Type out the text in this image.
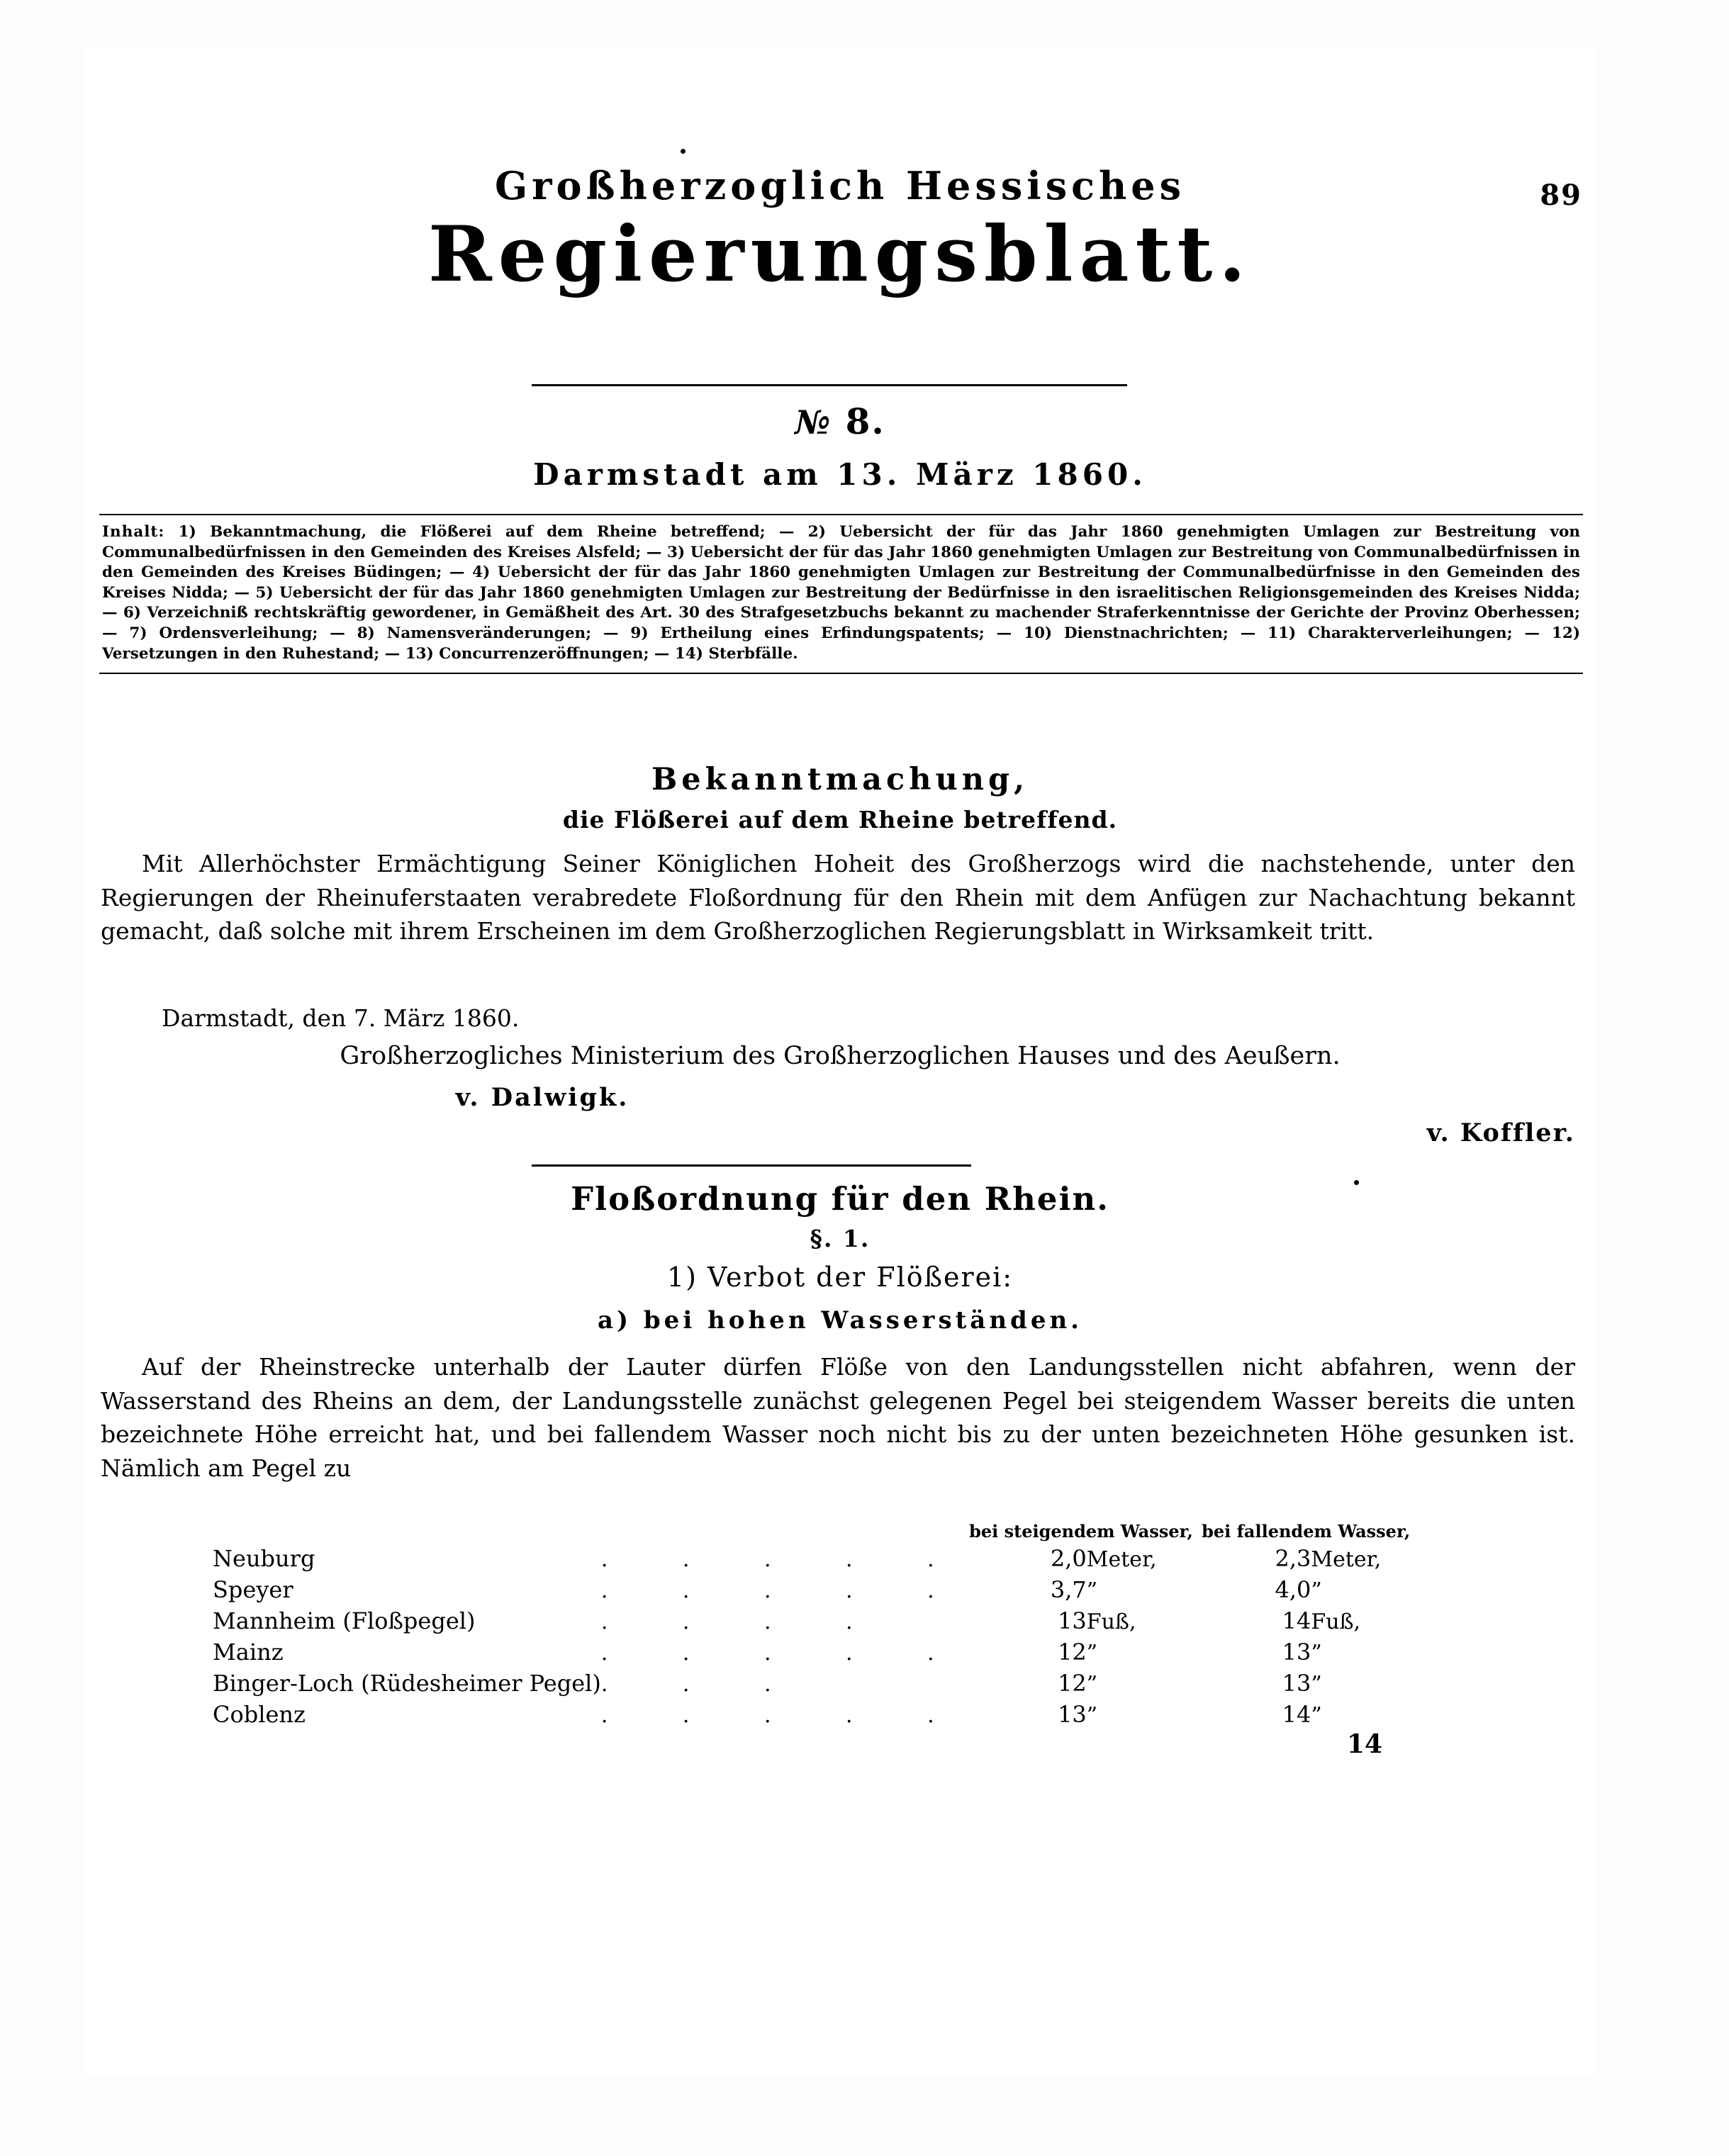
89
Großherzoglich Hessisches
Regierungsblatt.
№ 8.
Darmstadt am 13. März 1860.
Inhalt: 1) Bekanntmachung, die Flößerei auf dem Rheine betreffend; — 2) Uebersicht der für das Jahr 1860 genehmigten Umlagen zur Bestreitung von Communalbedürfnissen in den Gemeinden des Kreises Alsfeld; — 3) Uebersicht der für das Jahr 1860 genehmigten Umlagen zur Bestreitung von Communalbedürfnissen in den Gemeinden des Kreises Büdingen; — 4) Uebersicht der für das Jahr 1860 genehmigten Umlagen zur Bestreitung der Communalbedürfnisse in den Gemeinden des Kreises Nidda; — 5) Uebersicht der für das Jahr 1860 genehmigten Umlagen zur Bestreitung der Bedürfnisse in den israelitischen Religionsgemeinden des Kreises Nidda; — 6) Verzeichniß rechtskräftig gewordener, in Gemäßheit des Art. 30 des Strafgesetzbuchs bekannt zu machender Straferkenntnisse der Gerichte der Provinz Oberhessen; — 7) Ordensverleihung; — 8) Namensveränderungen; — 9) Ertheilung eines Erfindungspatents; — 10) Dienstnachrichten; — 11) Charakterverleihungen; — 12) Versetzungen in den Ruhestand; — 13) Concurrenzeröffnungen; — 14) Sterbfälle.
Bekanntmachung,
die Flößerei auf dem Rheine betreffend.
Mit Allerhöchster Ermächtigung Seiner Königlichen Hoheit des Großherzogs wird die nachstehende, unter den Regierungen der Rheinuferstaaten verabredete Floßordnung für den Rhein mit dem Anfügen zur Nachachtung bekannt gemacht, daß solche mit ihrem Erscheinen im dem Großherzoglichen Regierungsblatt in Wirksamkeit tritt.
Darmstadt, den 7. März 1860.
Großherzogliches Ministerium des Großherzoglichen Hauses und des Aeußern.
v. Dalwigk.
v. Koffler.
Floßordnung für den Rhein.
§. 1.
1) Verbot der Flößerei:
a) bei hohen Wasserständen.
Auf der Rheinstrecke unterhalb der Lauter dürfen Flöße von den Landungsstellen nicht abfahren, wenn der Wasserstand des Rheins an dem, der Landungsstelle zunächst gelegenen Pegel bei steigendem Wasser bereits die unten bezeichnete Höhe erreicht hat, und bei fallendem Wasser noch nicht bis zu der unten bezeichneten Höhe gesunken ist. Nämlich am Pegel zu
		bei steigendem Wasser,		bei fallendem Wasser,	
Neuburg	. . . . .	2,0	Meter,	2,3	Meter,
Speyer	. . . . .	3,7	”	4,0	”
Mannheim (Floßpegel)	. . . .	13	Fuß,	14	Fuß,
Mainz	. . . . .	12	”	13	”
Binger-Loch (Rüdesheimer Pegel)	. . .	12	”	13	”
Coblenz	. . . . .	13	”	14	”
14
